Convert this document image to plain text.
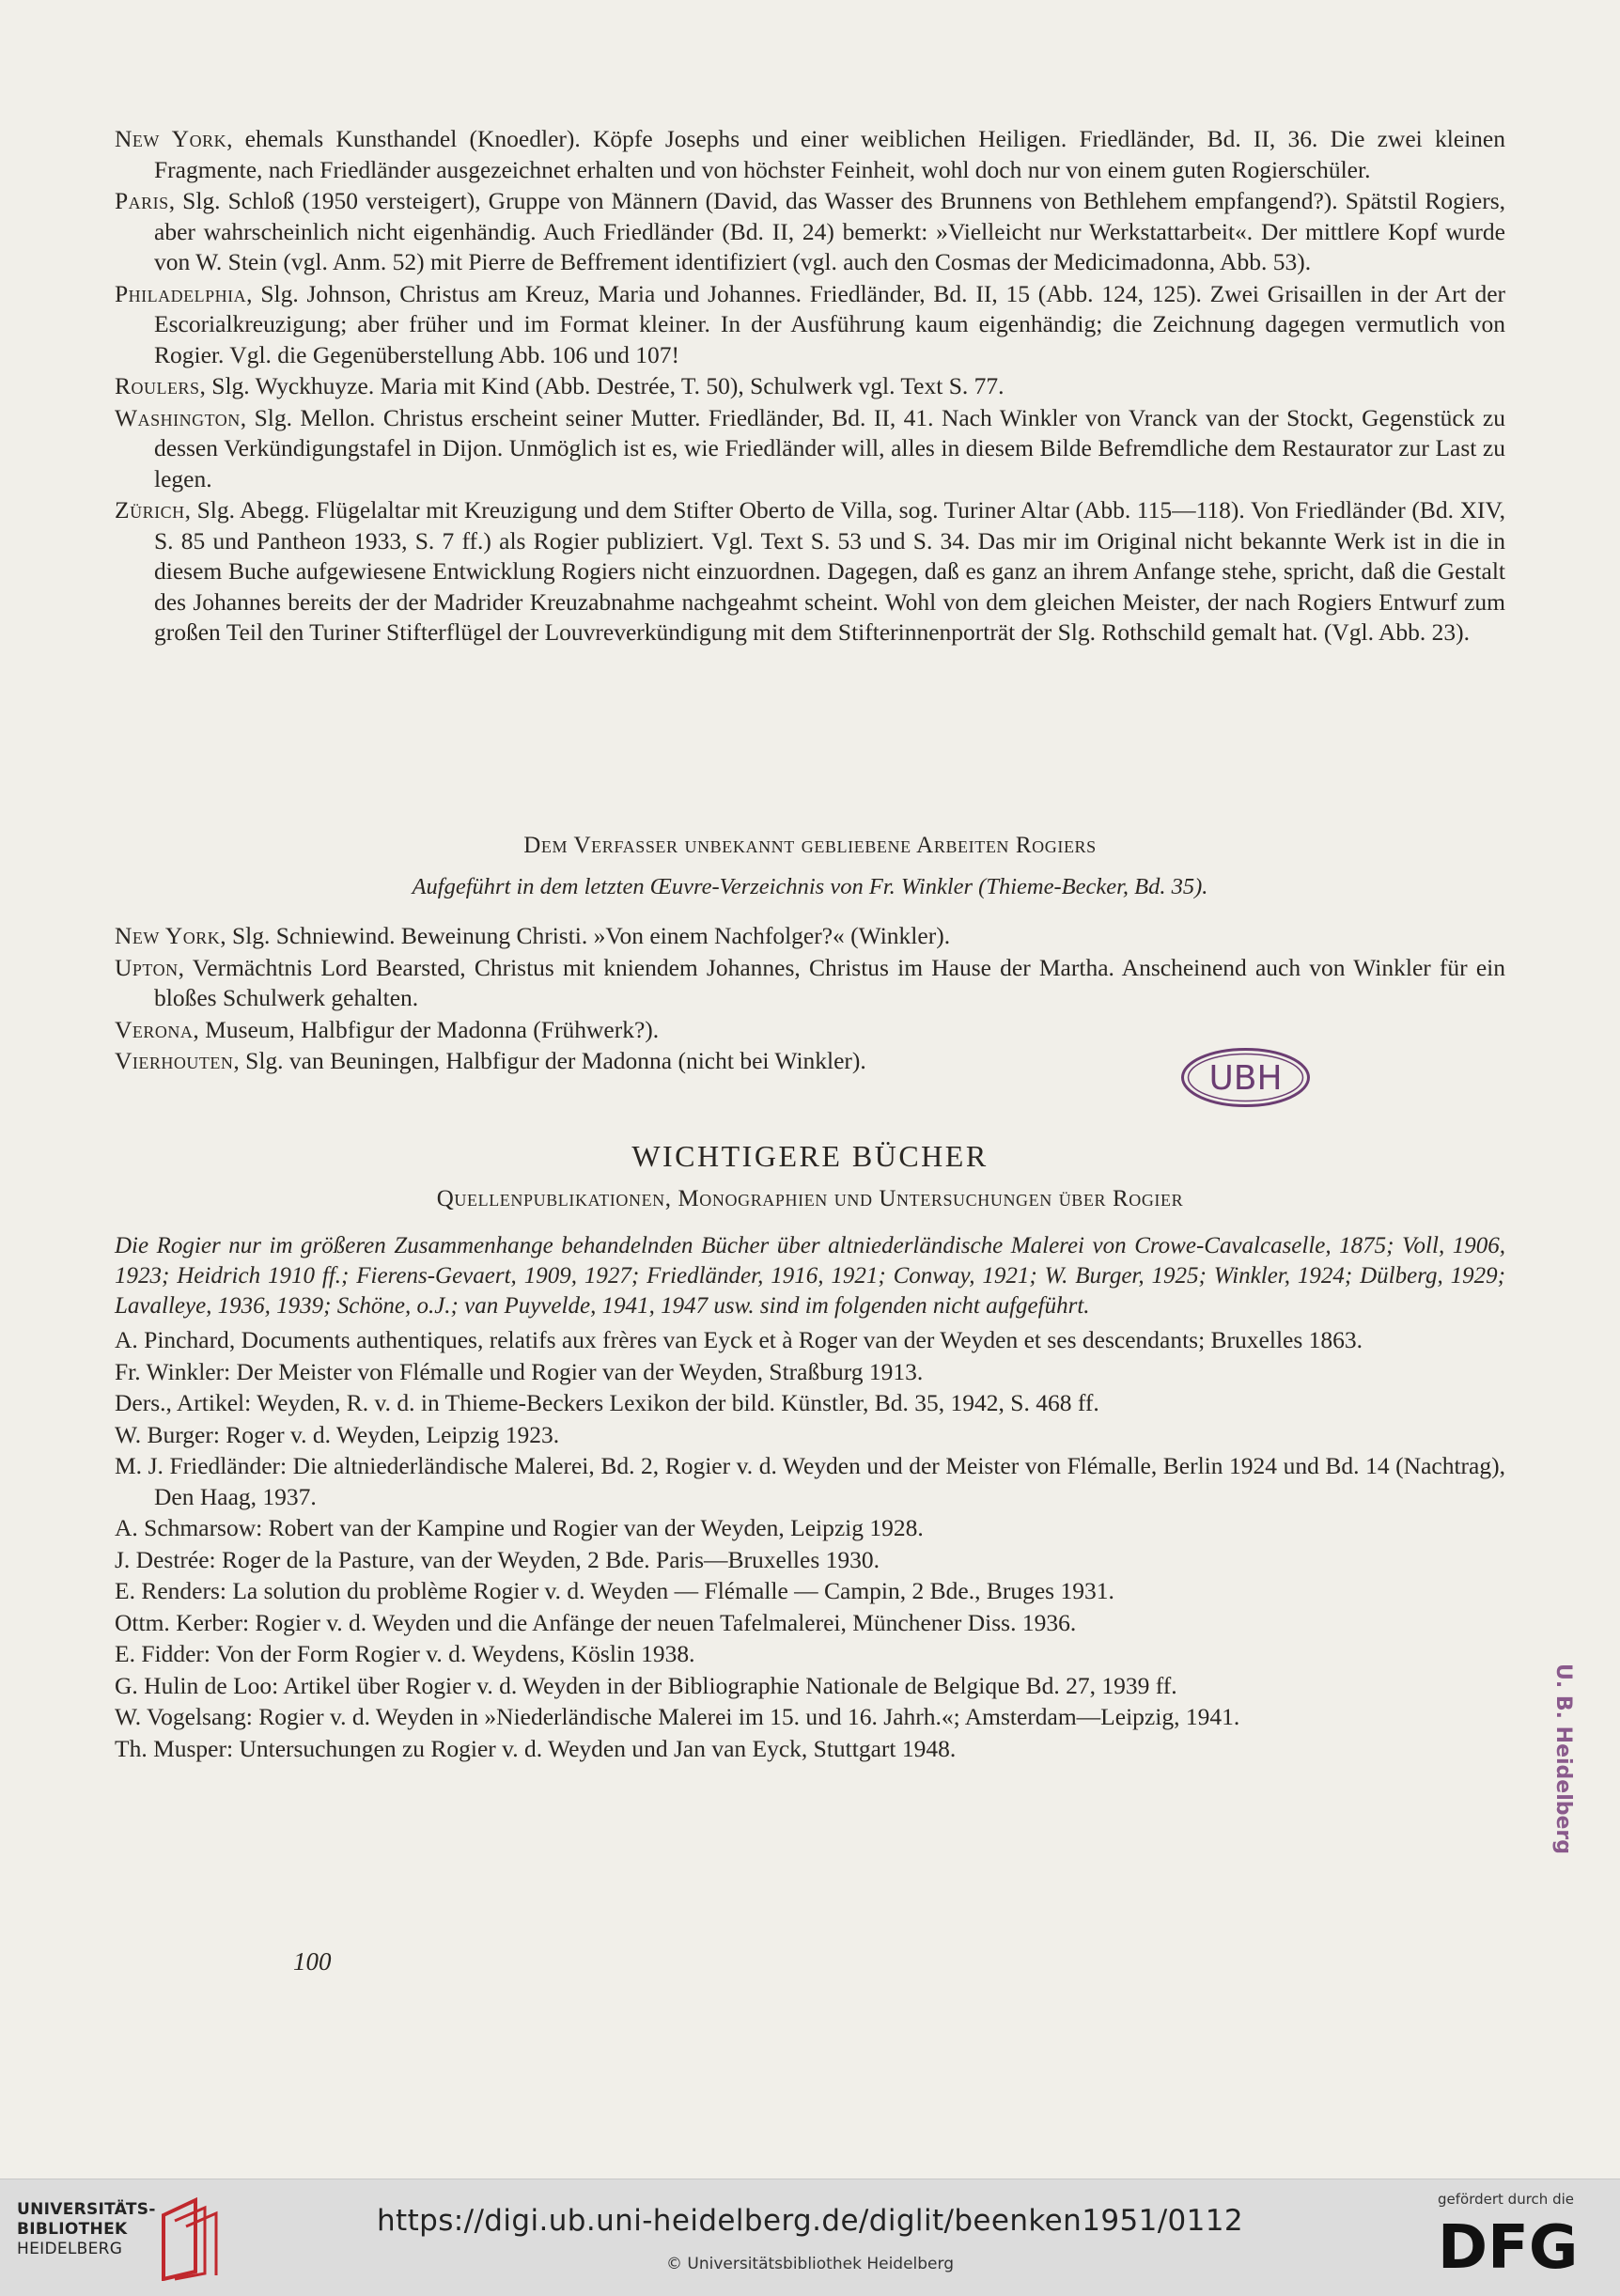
New York, ehemals Kunsthandel (Knoedler). Köpfe Josephs und einer weiblichen Heiligen. Friedländer, Bd. II, 36. Die zwei kleinen Fragmente, nach Friedländer ausgezeichnet erhalten und von höchster Feinheit, wohl doch nur von einem guten Rogierschüler.

Paris, Slg. Schloß (1950 versteigert), Gruppe von Männern (David, das Wasser des Brunnens von Bethlehem empfangend?). Spätstil Rogiers, aber wahrscheinlich nicht eigenhändig. Auch Friedländer (Bd. II, 24) bemerkt: »Vielleicht nur Werkstattarbeit«. Der mittlere Kopf wurde von W. Stein (vgl. Anm. 52) mit Pierre de Beffrement identifiziert (vgl. auch den Cosmas der Medicimadonna, Abb. 53).

Philadelphia, Slg. Johnson, Christus am Kreuz, Maria und Johannes. Friedländer, Bd. II, 15 (Abb. 124, 125). Zwei Grisaillen in der Art der Escorialkreuzigung; aber früher und im Format kleiner. In der Ausführung kaum eigenhändig; die Zeichnung dagegen vermutlich von Rogier. Vgl. die Gegenüberstellung Abb. 106 und 107!

Roulers, Slg. Wyckhuyze. Maria mit Kind (Abb. Destrée, T. 50), Schulwerk vgl. Text S. 77.

Washington, Slg. Mellon. Christus erscheint seiner Mutter. Friedländer, Bd. II, 41. Nach Winkler von Vranck van der Stockt, Gegenstück zu dessen Verkündigungstafel in Dijon. Unmöglich ist es, wie Friedländer will, alles in diesem Bilde Befremdliche dem Restaurator zur Last zu legen.

Zürich, Slg. Abegg. Flügelaltar mit Kreuzigung und dem Stifter Oberto de Villa, sog. Turiner Altar (Abb. 115—118). Von Friedländer (Bd. XIV, S. 85 und Pantheon 1933, S. 7 ff.) als Rogier publiziert. Vgl. Text S. 53 und S. 34. Das mir im Original nicht bekannte Werk ist in die in diesem Buche aufgewiesene Entwicklung Rogiers nicht einzuordnen. Dagegen, daß es ganz an ihrem Anfange stehe, spricht, daß die Gestalt des Johannes bereits der der Madrider Kreuzabnahme nachgeahmt scheint. Wohl von dem gleichen Meister, der nach Rogiers Entwurf zum großen Teil den Turiner Stifterflügel der Louvreverkündigung mit dem Stifterinnenporträt der Slg. Rothschild gemalt hat. (Vgl. Abb. 23).

Dem Verfasser unbekannt gebliebene Arbeiten Rogiers
Aufgeführt in dem letzten Œuvre-Verzeichnis von Fr. Winkler (Thieme-Becker, Bd. 35).

New York, Slg. Schniewind. Beweinung Christi. »Von einem Nachfolger?« (Winkler).

Upton, Vermächtnis Lord Bearsted, Christus mit kniendem Johannes, Christus im Hause der Martha. Anscheinend auch von Winkler für ein bloßes Schulwerk gehalten.

Verona, Museum, Halbfigur der Madonna (Frühwerk?).

Vierhouten, Slg. van Beuningen, Halbfigur der Madonna (nicht bei Winkler).	UBH
WICHTIGERE BÜCHER
Quellenpublikationen, Monographien und Untersuchungen über Rogier

Die Rogier nur im größeren Zusammenhange behandelnden Bücher über altniederländische Malerei von Crowe-Cavalcaselle, 1875; Voll, 1906, 1923; Heidrich 1910 ff.; Fierens-Gevaert, 1909, 1927; Friedländer, 1916, 1921; Conway, 1921; W. Burger, 1925; Winkler, 1924; Dülberg, 1929; Lavalleye, 1936, 1939; Schöne, o.J.; van Puyvelde, 1941, 1947 usw. sind im folgenden nicht aufgeführt.

A. Pinchard, Documents authentiques, relatifs aux frères van Eyck et à Roger van der Weyden et ses descendants; Bruxelles 1863.

Fr. Winkler: Der Meister von Flémalle und Rogier van der Weyden, Straßburg 1913.

Ders., Artikel: Weyden, R. v. d. in Thieme-Beckers Lexikon der bild. Künstler, Bd. 35, 1942, S. 468 ff.

W. Burger: Roger v. d. Weyden, Leipzig 1923.

M. J. Friedländer: Die altniederländische Malerei, Bd. 2, Rogier v. d. Weyden und der Meister von Flémalle, Berlin 1924 und Bd. 14 (Nachtrag), Den Haag, 1937.

A. Schmarsow: Robert van der Kampine und Rogier van der Weyden, Leipzig 1928.

J. Destrée: Roger de la Pasture, van der Weyden, 2 Bde. Paris—Bruxelles 1930.

E. Renders: La solution du problème Rogier v. d. Weyden — Flémalle — Campin, 2 Bde., Bruges 1931.

Ottm. Kerber: Rogier v. d. Weyden und die Anfänge der neuen Tafelmalerei, Münchener Diss. 1936.

E. Fidder: Von der Form Rogier v. d. Weydens, Köslin 1938.

G. Hulin de Loo: Artikel über Rogier v. d. Weyden in der Bibliographie Nationale de Belgique Bd. 27, 1939 ff.

W. Vogelsang: Rogier v. d. Weyden in »Niederländische Malerei im 15. und 16. Jahrh.«; Amsterdam—Leipzig, 1941.

Th. Musper: Untersuchungen zu Rogier v. d. Weyden und Jan van Eyck, Stuttgart 1948.

100
U. B. Heidelberg
UNIVERSITÄTS-
BIBLIOTHEK
HEIDELBERG
https://digi.ub.uni-heidelberg.de/diglit/beenken1951/0112
© Universitätsbibliothek Heidelberg
gefördert durch die
DFG
